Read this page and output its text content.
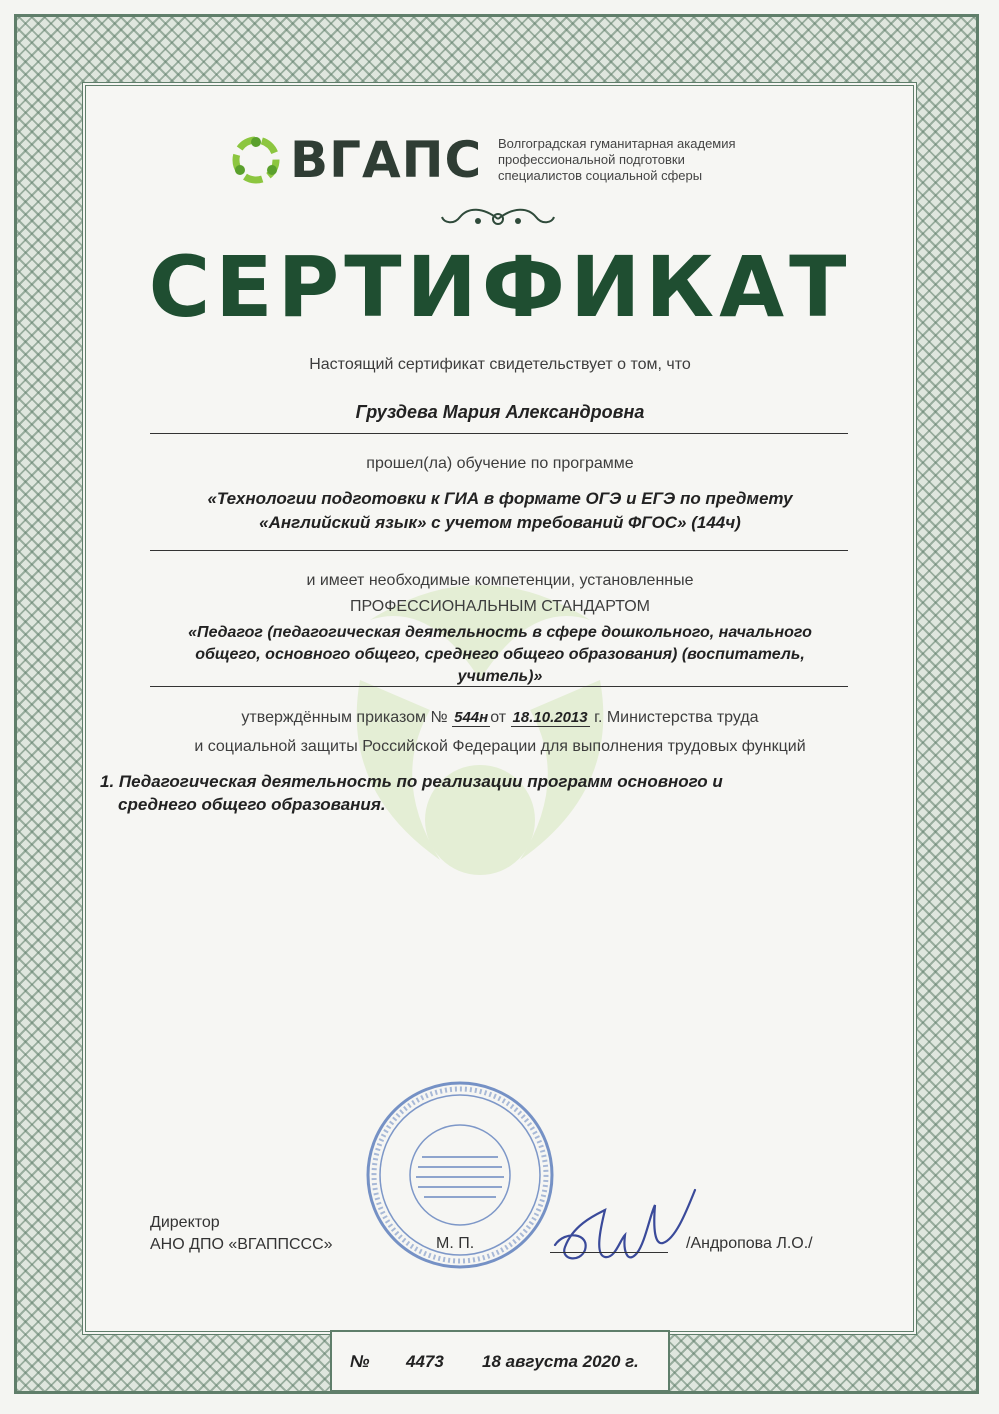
ВГАПС Волгоградская гуманитарная академия
профессиональной подготовки
специалистов социальной сферы
СЕРТИФИКАТ
Настоящий сертификат свидетельствует о том, что
Груздева Мария Александровна
прошел(ла) обучение по программе
«Технологии подготовки к ГИА в формате ОГЭ и ЕГЭ по предмету
«Английский язык» с учетом требований ФГОС» (144ч)
и имеет необходимые компетенции, установленные
ПРОФЕССИОНАЛЬНЫМ СТАНДАРТОМ
«Педагог (педагогическая деятельность в сфере дошкольного, начального
общего, основного общего, среднего общего образования) (воспитатель,
учитель)»
утверждённым приказом № 544н от 18.10.2013 г. Министерства труда
и социальной защиты Российской Федерации для выполнения трудовых функций
1. Педагогическая деятельность по реализации программ основного и
среднего общего образования.
Директор
АНО ДПО «ВГАППССС»	М. П.	/Андропова Л.О./
№ 4473 18 августа 2020 г.
